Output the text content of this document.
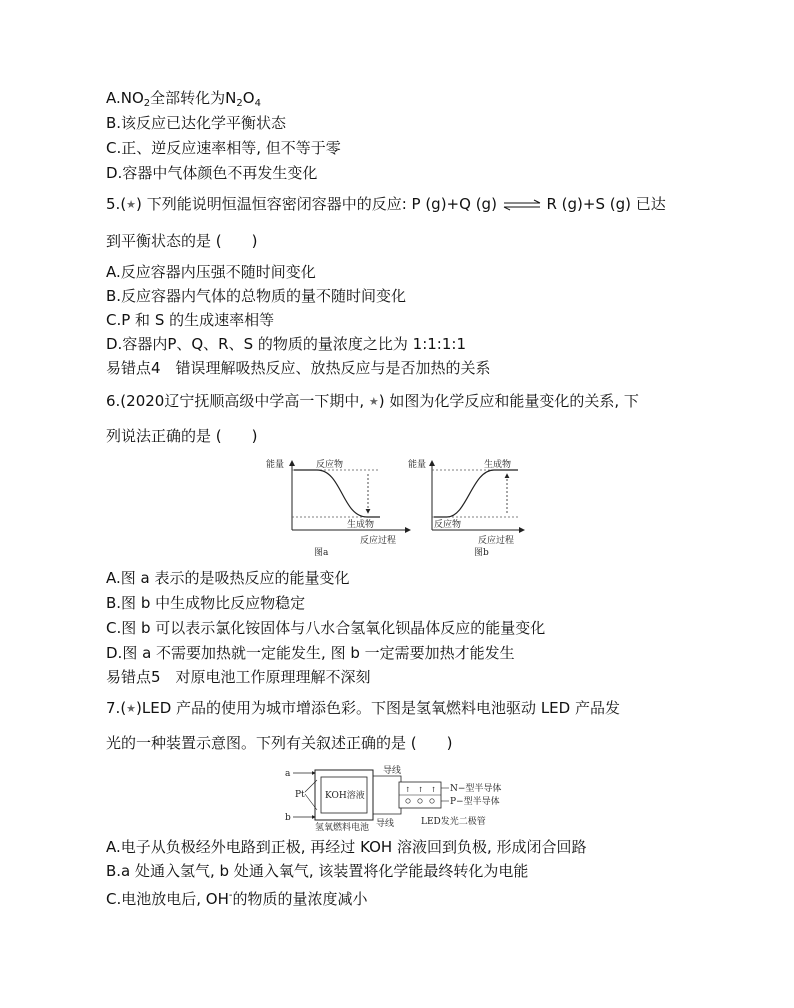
$A.NO_2$全部转化为$N_2O_4$
B.该反应已达化学平衡状态
C.正、逆反应速率相等, 但不等于零
D.容器中气体颜色不再发生变化
5.(★) 下列能说明恒温恒容密闭容器中的反应: P (g)+Q (g) ⇌ R (g)+S (g) 已达
到平衡状态的是 (　　)
A.反应容器内压强不随时间变化
B.反应容器内气体的总物质的量不随时间变化
C.P 和 S 的生成速率相等
D.容器内P、Q、R、S 的物质的量浓度之比为 1:1:1:1
易错点4　错误理解吸热反应、放热反应与是否加热的关系
6.(2020辽宁抚顺高级中学高一下期中, ★) 如图为化学反应和能量变化的关系, 下
列说法正确的是 (　　)
能量	反应物
生成物
反应过程
图a
能量	生成物
反应物
反应过程
图b
A.图 a 表示的是吸热反应的能量变化
B.图 b 中生成物比反应物稳定
C.图 b 可以表示氯化铵固体与八水合氢氧化钡晶体反应的能量变化
D.图 a 不需要加热就一定能发生, 图 b 一定需要加热才能发生
易错点5　对原电池工作原理理解不深刻
7.(★)LED 产品的使用为城市增添色彩。下图是氢氧燃料电池驱动 LED 产品发
光的一种装置示意图。下列有关叙述正确的是 (　　)
a
b
Pt KOH溶液
氢氧燃料电池
导线
导线
↑　↑　↑ N−型半导体
P−型半导体
LED发光二极管
A.电子从负极经外电路到正极, 再经过 KOH 溶液回到负极, 形成闭合回路
B.a 处通入氢气, b 处通入氧气, 该装置将化学能最终转化为电能
C.电池放电后, OH-的物质的量浓度减小
